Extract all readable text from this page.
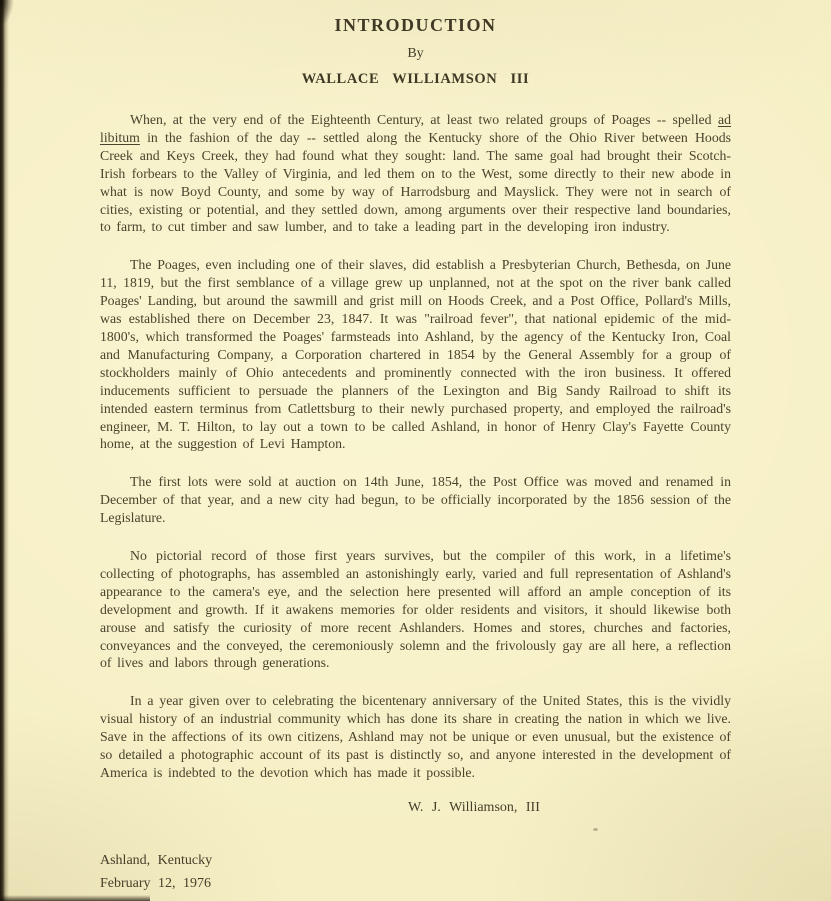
INTRODUCTION
By
WALLACE WILLIAMSON III

When, at the very end of the Eighteenth Century, at least two related groups of Poages -- spelled ad libitum in the fashion of the day -- settled along the Kentucky shore of the Ohio River between Hoods Creek and Keys Creek, they had found what they sought: land. The same goal had brought their Scotch-Irish forbears to the Valley of Virginia, and led them on to the West, some directly to their new abode in what is now Boyd County, and some by way of Harrodsburg and Mayslick. They were not in search of cities, existing or potential, and they settled down, among arguments over their respective land boundaries, to farm, to cut timber and saw lumber, and to take a leading part in the developing iron industry.

The Poages, even including one of their slaves, did establish a Presbyterian Church, Bethesda, on June 11, 1819, but the first semblance of a village grew up unplanned, not at the spot on the river bank called Poages' Landing, but around the sawmill and grist mill on Hoods Creek, and a Post Office, Pollard's Mills, was established there on December 23, 1847. It was "railroad fever", that national epidemic of the mid-1800's, which transformed the Poages' farmsteads into Ashland, by the agency of the Kentucky Iron, Coal and Manufacturing Company, a Corporation chartered in 1854 by the General Assembly for a group of stockholders mainly of Ohio antecedents and prominently connected with the iron business. It offered inducements sufficient to persuade the planners of the Lexington and Big Sandy Railroad to shift its intended eastern terminus from Catlettsburg to their newly purchased property, and employed the railroad's engineer, M. T. Hilton, to lay out a town to be called Ashland, in honor of Henry Clay's Fayette County home, at the suggestion of Levi Hampton.

The first lots were sold at auction on 14th June, 1854, the Post Office was moved and renamed in December of that year, and a new city had begun, to be officially incorporated by the 1856 session of the Legislature.

No pictorial record of those first years survives, but the compiler of this work, in a lifetime's collecting of photographs, has assembled an astonishingly early, varied and full representation of Ashland's appearance to the camera's eye, and the selection here presented will afford an ample conception of its development and growth. If it awakens memories for older residents and visitors, it should likewise both arouse and satisfy the curiosity of more recent Ashlanders. Homes and stores, churches and factories, conveyances and the conveyed, the ceremoniously solemn and the frivolously gay are all here, a reflection of lives and labors through generations.

In a year given over to celebrating the bicentenary anniversary of the United States, this is the vividly visual history of an industrial community which has done its share in creating the nation in which we live. Save in the affections of its own citizens, Ashland may not be unique or even unusual, but the existence of so detailed a photographic account of its past is distinctly so, and anyone interested in the development of America is indebted to the devotion which has made it possible.

W. J. Williamson, III
Ashland, Kentucky
February 12, 1976
